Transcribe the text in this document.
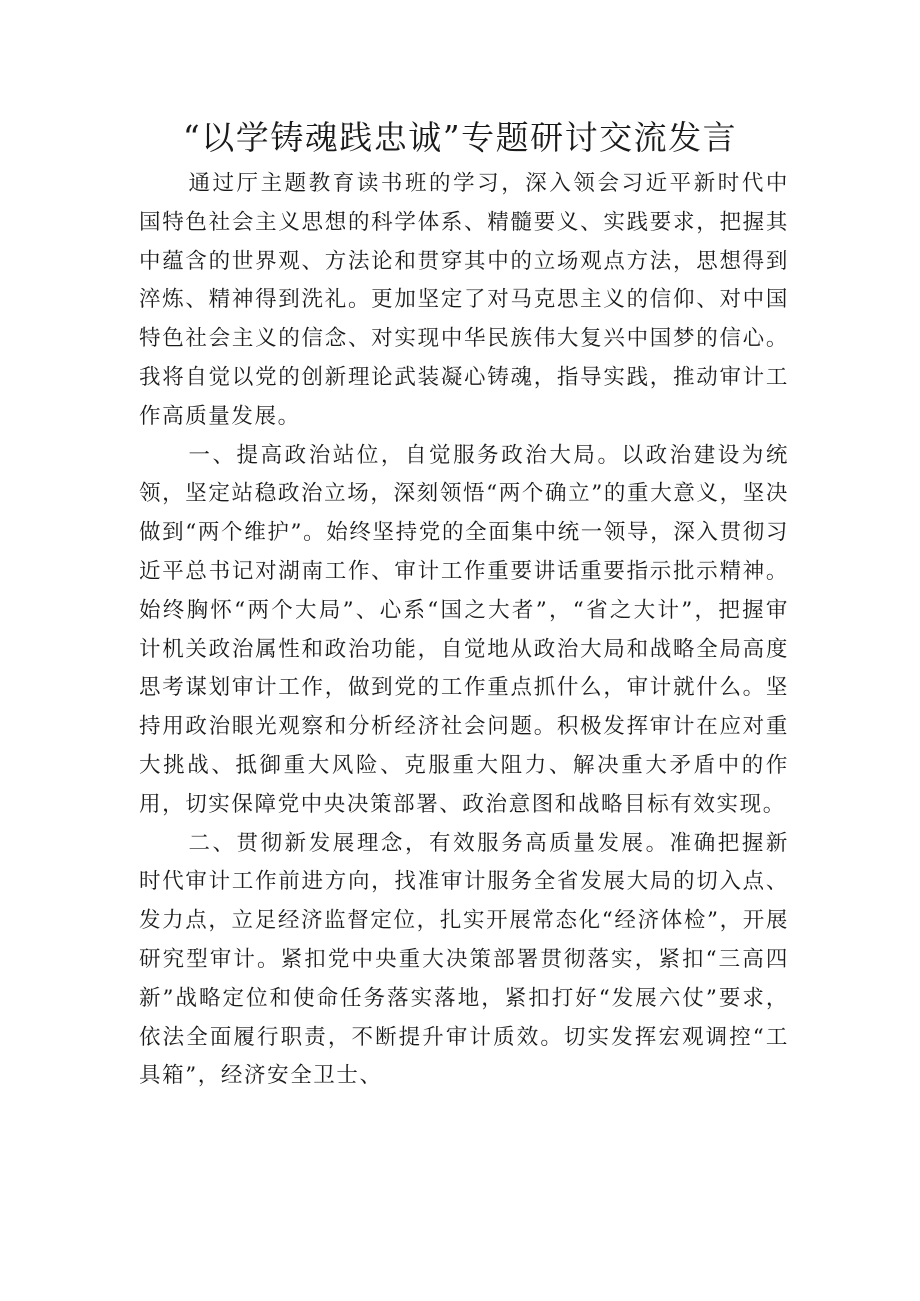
“以学铸魂践忠诚”专题研讨交流发言

通过厅主题教育读书班的学习，深入领会习近平新时代中国特色社会主义思想的科学体系、精髓要义、实践要求，把握其中蕴含的世界观、方法论和贯穿其中的立场观点方法，思想得到淬炼、精神得到洗礼。更加坚定了对马克思主义的信仰、对中国特色社会主义的信念、对实现中华民族伟大复兴中国梦的信心。我将自觉以党的创新理论武装凝心铸魂，指导实践，推动审计工作高质量发展。

一、提高政治站位，自觉服务政治大局。以政治建设为统领，坚定站稳政治立场，深刻领悟“两个确立”的重大意义，坚决做到“两个维护”。始终坚持党的全面集中统一领导，深入贯彻习近平总书记对湖南工作、审计工作重要讲话重要指示批示精神。始终胸怀“两个大局”、心系“国之大者”，“省之大计”，把握审计机关政治属性和政治功能，自觉地从政治大局和战略全局高度思考谋划审计工作，做到党的工作重点抓什么，审计就什么。坚持用政治眼光观察和分析经济社会问题。积极发挥审计在应对重大挑战、抵御重大风险、克服重大阻力、解决重大矛盾中的作用，切实保障党中央决策部署、政治意图和战略目标有效实现。

二、贯彻新发展理念，有效服务高质量发展。准确把握新时代审计工作前进方向，找准审计服务全省发展大局的切入点、发力点，立足经济监督定位，扎实开展常态化“经济体检”，开展研究型审计。紧扣党中央重大决策部署贯彻落实，紧扣“三高四新”战略定位和使命任务落实落地，紧扣打好“发展六仗”要求，依法全面履行职责，不断提升审计质效。切实发挥宏观调控“工具箱”，经济安全卫士、
